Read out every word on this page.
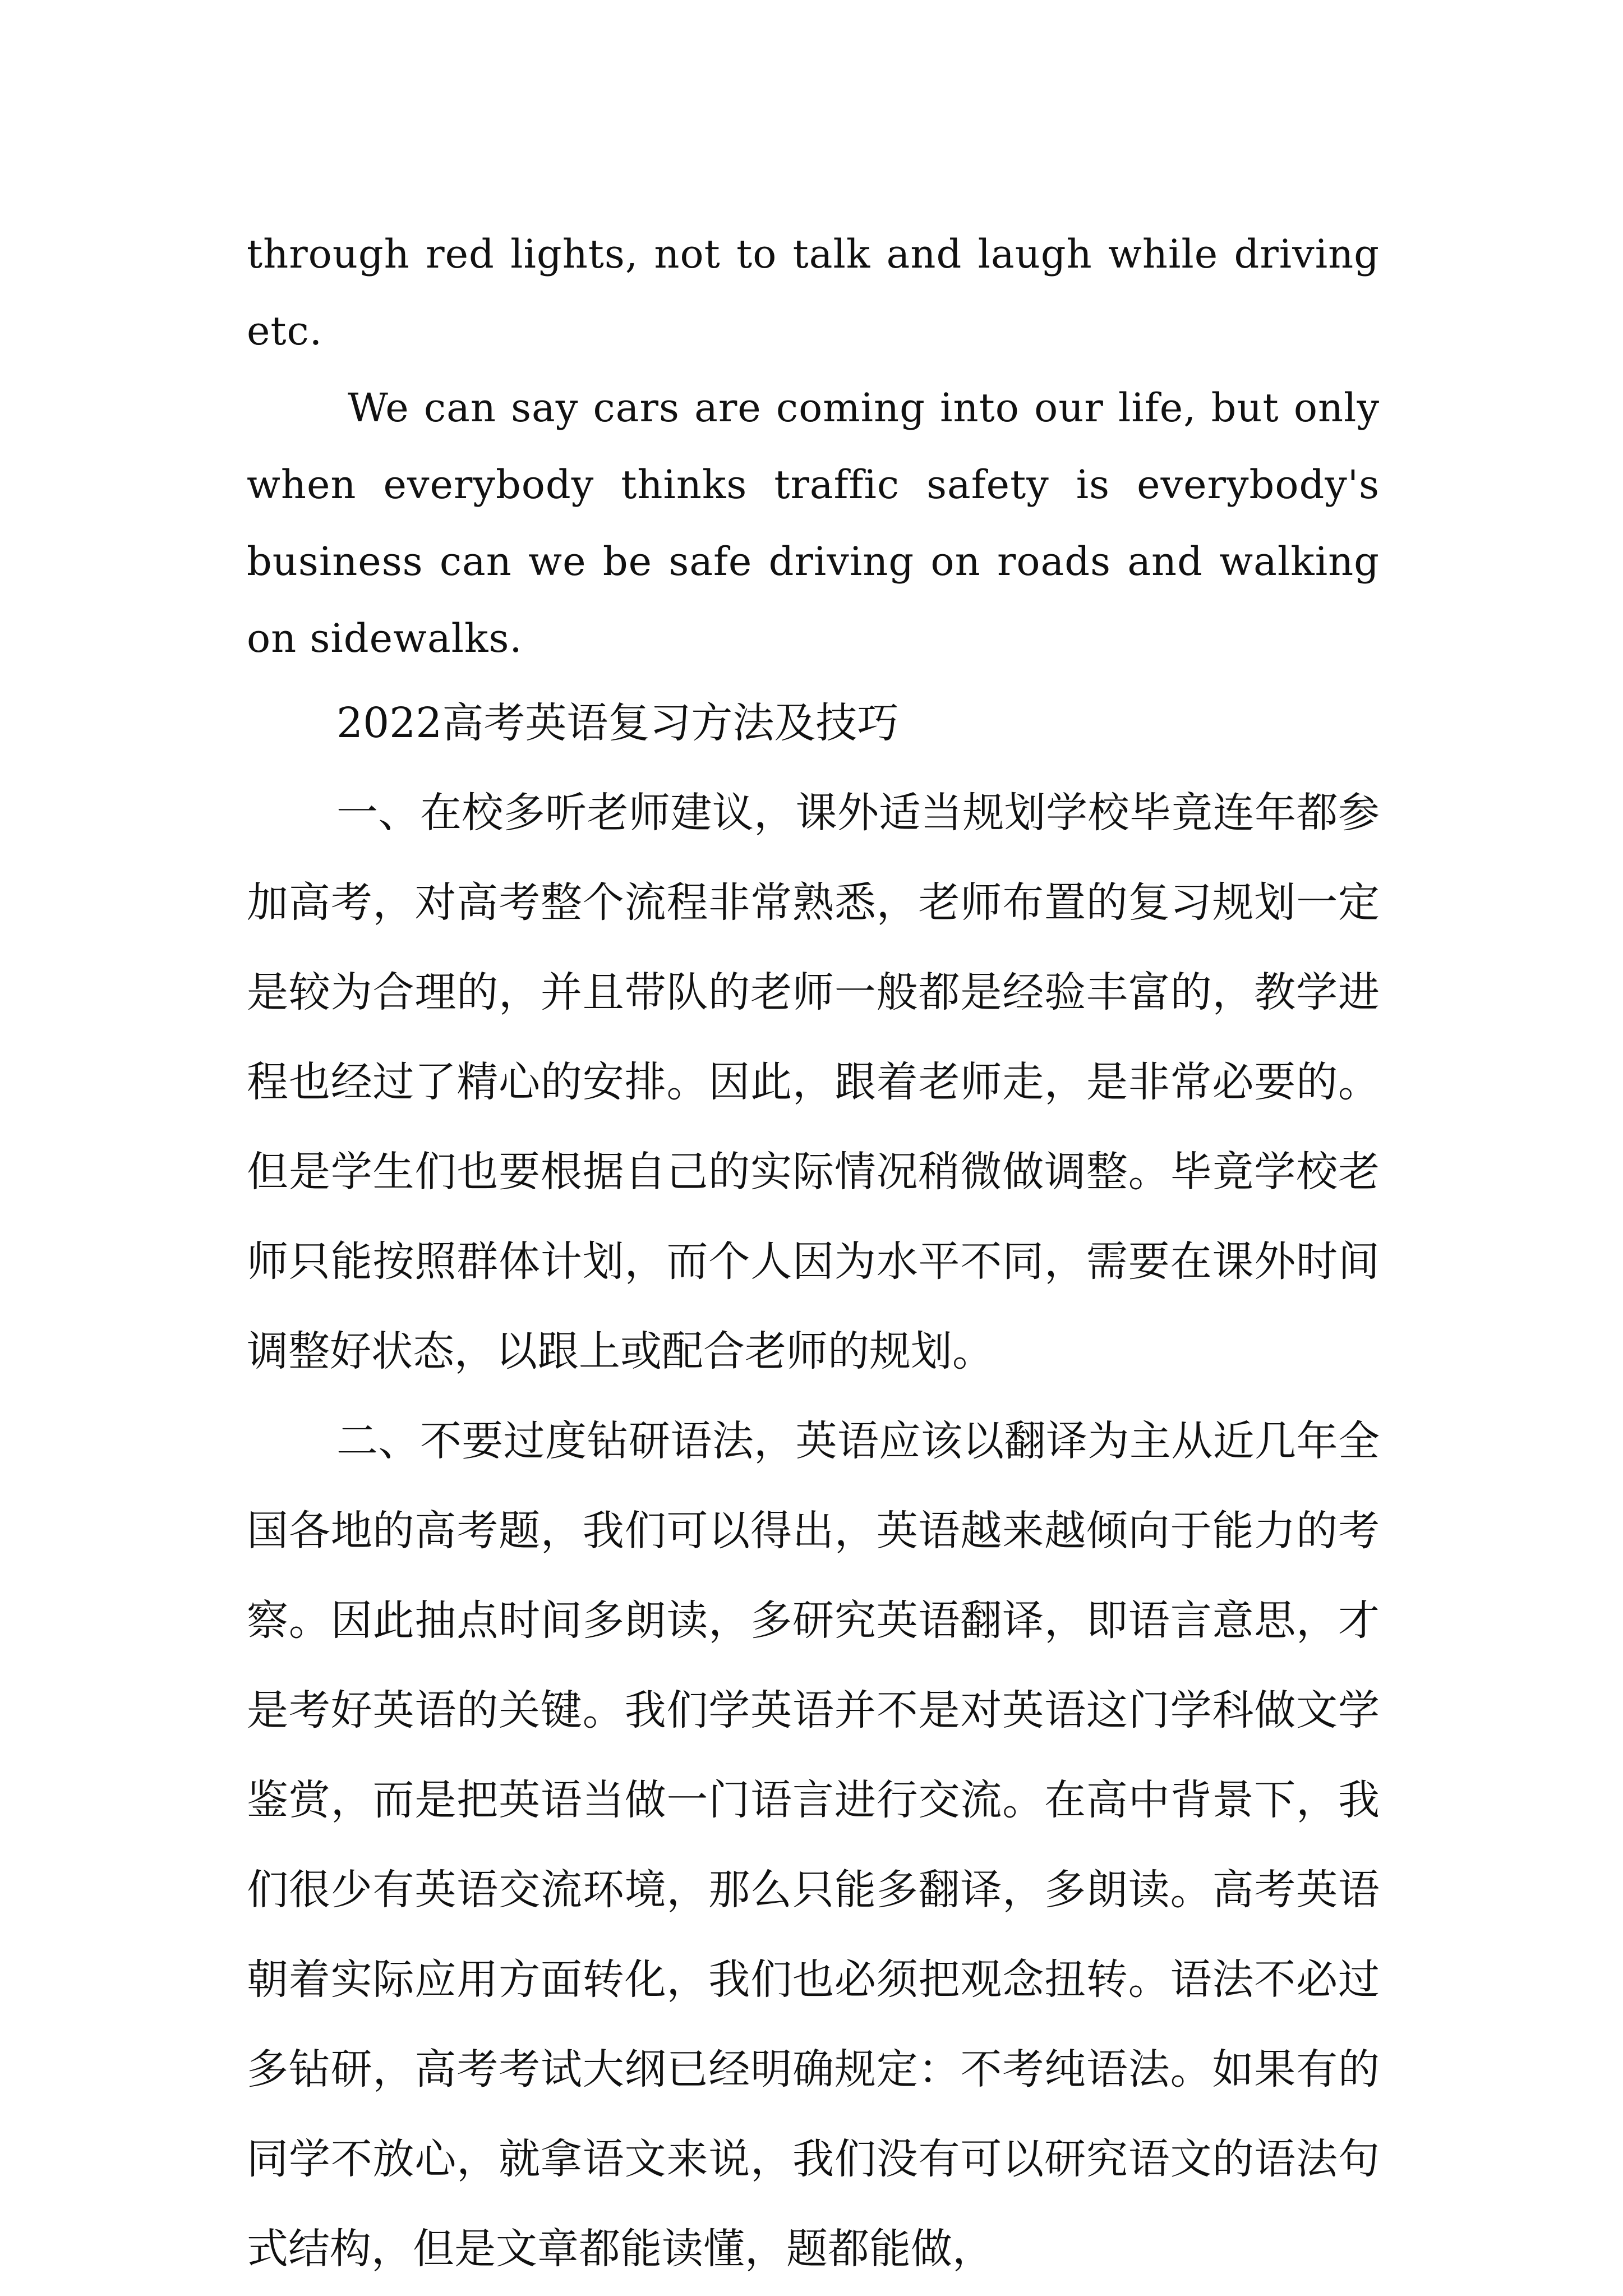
through red lights, not to talk and laugh while driving etc.

We can say cars are coming into our life, but only when everybody thinks traffic safety is everybody's business can we be safe driving on roads and walking on sidewalks.

2022高考英语复习方法及技巧

一、在校多听老师建议，课外适当规划学校毕竟连年都参加高考，对高考整个流程非常熟悉，老师布置的复习规划一定是较为合理的，并且带队的老师一般都是经验丰富的，教学进程也经过了精心的安排。因此，跟着老师走，是非常必要的。但是学生们也要根据自己的实际情况稍微做调整。毕竟学校老师只能按照群体计划，而个人因为水平不同，需要在课外时间调整好状态，以跟上或配合老师的规划。

二、不要过度钻研语法，英语应该以翻译为主从近几年全国各地的高考题，我们可以得出，英语越来越倾向于能力的考察。因此抽点时间多朗读，多研究英语翻译，即语言意思，才是考好英语的关键。我们学英语并不是对英语这门学科做文学鉴赏，而是把英语当做一门语言进行交流。在高中背景下，我们很少有英语交流环境，那么只能多翻译，多朗读。高考英语朝着实际应用方面转化，我们也必须把观念扭转。语法不必过多钻研，高考考试大纲已经明确规定：不考纯语法。如果有的同学不放心，就拿语文来说，我们没有可以研究语文的语法句式结构，但是文章都能读懂，题都能做，
